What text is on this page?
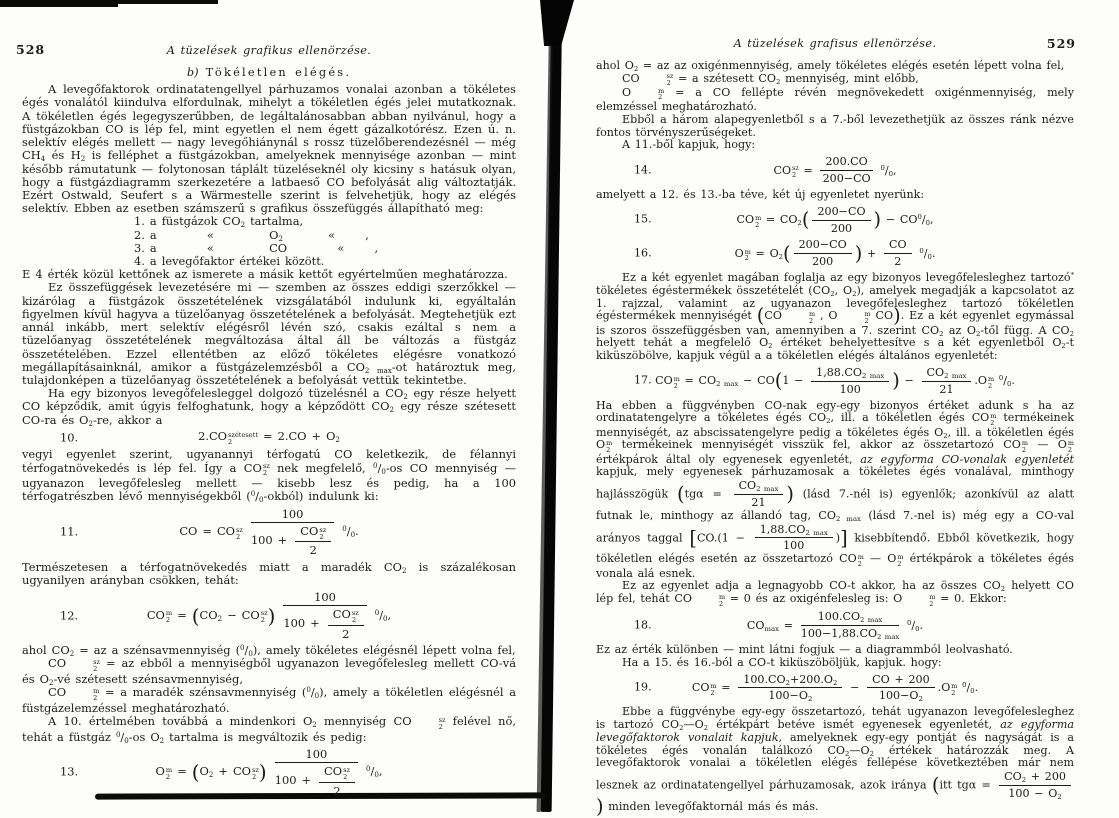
528	A tüzelések grafikus ellenörzése.
b) Tökéletlen elégés.

A levegőfaktorok ordinatatengellyel párhuzamos vonalai azonban a tökéletes égés vonalától kiindulva elfordulnak, mihelyt a tökéletlen égés jelei mutatkoznak. A tökéletlen égés legegyszerűbben, de legáltalánosabban abban nyilvánul, hogy a füstgázokban CO is lép fel, mint egyetlen el nem égett gázalkotórész. Ezen ú. n. selektív elégés mellett — nagy levegőhiánynál s rossz tüzelőberendezésnél — még $CH_4$ és $H_2$ is felléphet a füstgázokban, amelyeknek mennyisége azonban — mint később rámutatunk — folytonosan táplált tüzeléseknél oly kicsiny s hatásuk olyan, hogy a füstgázdiagramm szerkezetére a latbaeső CO befolyását alig változtatják. Ezért Ostwald, Seufert s a Wärmestelle szerint is felvehetjük, hogy az elégés selektív. Ebben az esetben számszerű s grafikus összefüggés állapítható meg:

1. a füstgázok $CO_2$ tartalma,
2. a          «           $O_2$         «      ,
3. a          «           CO          «      ,
4. a levegőfaktor értékei között.

E 4 érték közül kettőnek az ismerete a másik kettőt egyértelműen meghatározza.

Ez összefüggések levezetésére mi — szemben az összes eddigi szerzőkkel — kizárólag a füstgázok összetételének vizsgálatából indulunk ki, egyáltalán figyelmen kívül hagyva a tüzelőanyag összetételének a befolyását. Megtehetjük ezt annál inkább, mert selektív elégésről lévén szó, csakis ezáltal s nem a tüzelőanyag összetételének megváltozása által áll be változás a füstgáz összetételében. Ezzel ellentétben az előző tökéletes elégésre vonatkozó megállapításainknál, amikor a füstgázelemzésből a $CO_{2 max}-ot$ határoztuk meg, tulajdonképen a tüzelőanyag összetételének a befolyását vettük tekintetbe.

Ha egy bizonyos levegőfelesleggel dolgozó tüzelésnél a $CO_2$ egy része helyett CO képződik, amit úgyis felfoghatunk, hogy a képződött $CO_2$ egy része szétesett CO-ra és $O_2-re$, akkor a

10.	2.CO szétesett
2	= $2.CO + O_2$

vegyi egyenlet szerint, ugyanannyi térfogatú CO keletkezik, de félannyi térfogatnövekedés is lép fel. Így a CO sz
2 nek megfelelő, $^0/_0-os$ CO mennyiség — ugyanazon levegőfelesleg mellett — kisebb lesz és pedig, ha a 100 térfogatrészben lévő mennyiségekből $(^0/_0-okból)$ indulunk ki:

11.	CO = CO sz
2
100
100 + CO sz
2
2 $^0/_0$.

Természetesen a térfogatnövekedés miatt a maradék $CO_2$ is százalékosan ugyanilyen arányban csökken, tehát:

12.	CO m
$2 = (CO_2$ − CO sz
2 ) 100
100 + CO sz
2
2 $^0/_0$,

ahol $CO_2$ = az a szénsavmennyiség $(^0/_0)$, amely tökéletes elégésnél lépett volna fel,

CO	sz
2 = az ebből a mennyiségből ugyanazon levegőfelesleg mellett CO-vá és $O_2-vé$ szétesett szénsavmennyiség,

CO	m
2 = a maradék szénsavmennyiség $(^0/_0)$, amely a tökéletlen elégésnél a füstgázelemzéssel meghatározható.

A 10. értelmében továbbá a mindenkori $O_2$ mennyiség CO	sz
2 felével nő, tehát a füstgáz $^0/_0-os$ $O_2$ tartalma is megváltozik és pedig:

13.	O m
$2 = (O_2$ + CO sz
2 ) 100
100 + CO sz
2
2 $^0/_0$,
A tüzelések grafisus ellenörzése.	529

ahol $O_2$ = az az oxigénmennyiség, amely tökéletes elégés esetén lépett volna fel,

CO	sz
2 = a szétesett $CO_2$ mennyiség, mint előbb,

O	m
2 = a CO fellépte révén megnövekedett oxigénmennyiség, mely elemzéssel meghatározható.

Ebből a három alapegyenletből s a 7.-ből levezethetjük az összes ránk nézve fontos törvényszerűségeket.

A 11.-ből kapjuk, hogy:

14.	CO sz
$2 = \frac{200.CO}{200-CO} ^0/_0$,

amelyett a 12. és 13.-ba téve, két új egyenletet nyerünk:

15.	CO m
$2 = CO_2( \frac{200-CO}{200}$ ) − $CO^0/_0$,
16.	O m
$2 = O_2( \frac{200-CO}{200}$ ) + $\frac{CO}{2} ^0/_0$.

Ez a két egyenlet magában foglalja az egy bizonyos levegőfelesleghez tartozó* tökéletes égéstermékek összetételét ($CO_2$, $O_2$), amelyek megadják a kapcsolatot az 1. rajzzal, valamint az ugyanazon levegőfelesleghez tartozó tökéletlen égéstermékek mennyiségét (CO	m
2 , O	m
2 CO). Ez a két egyenlet egymással is szoros összefüggésben van, amennyiben a 7. szerint $CO_2$ az $O_2$-től függ. A $CO_2$ helyett tehát a megfelelő $O_2$ értéket behelyettesítve s a két egyenletből $O_2-t$ kiküszöbölve, kapjuk végül a a tökéletlen elégés általános egyenletét:

17. CO m
$2 = CO_{2 max} - CO(1 - \frac{1,88.CO_{2 max}}{100}$ ) − $\frac{CO_{2 max}}{21} .O$ m
2
$^0/_0$.

Ha ebben a függvényben CO-nak egy-egy bizonyos értéket adunk s ha az ordinatatengelyre a tökéletes égés $CO_2$, ill. a tökéletlen égés CO m
2 termékeinek mennyiségét, az abscissatengelyre pedig a tökéletes égés $O_2$, ill. a tökéletlen égés O m
2 termékeinek mennyiségét visszük fel, akkor az összetartozó CO m
2 — O m
2
értékpárok által oly egyenesek egyenletét, az egyforma CO-vonalak egyenletét kapjuk, mely egyenesek párhuzamosak a tökéletes égés vonalával, minthogy hajlásszögük ($tg\alpha = \frac{CO_{2 max}}{21}$ ) (lásd 7.-nél is) egyenlők; azonkívül az alatt futnak le, minthogy az állandó tag, $CO_{2 max}$ (lásd 7.-nel is) még egy a CO-val arányos taggal [$CO.(1 - \frac{1,88.CO_{2 max}}{100}$ )] kisebbítendő. Ebből következik, hogy tökéletlen elégés esetén az összetartozó CO m
2 — O m
2 értékpárok a tökéletes égés vonala alá esnek.

Ez az egyenlet adja a legnagyobb CO-t akkor, ha az összes $CO_2$ helyett CO lép fel, tehát CO	m
2 = 0 és az oxigénfelesleg is: O	m
2 = 0. Ekkor:

18.	$CO_{max} = \frac{100.CO_{2 max}}{100-1,88.CO_{2 max}} ^0/_0$.

Ez az érték különben — mint látni fogjuk — a diagrammból leolvasható.

Ha a 15. és 16.-ból a CO-t kiküszöböljük, kapjuk. hogy:

19.	CO m
$2 = \frac{100.CO_2+200.O_2}{100-O_2} - \frac{CO + 200}{100-O_2} .O$ m
2
$^0/_0$.

Ebbe a függvénybe egy-egy összetartozó, tehát ugyanazon levegőfelesleghez is tartozó $CO_2—O_2$ értékpárt betéve ismét egyenesek egyenletét, az egyforma levegőfaktorok vonalait kapjuk, amelyeknek egy-egy pontját és nagyságát is a tökéletes égés vonalán találkozó $CO_2—O_2$ értékek határozzák meg. A levegőfaktorok vonalai a tökéletlen elégés fellépése következtében már nem lesznek az ordinatatengellyel párhuzamosak, azok iránya (itt $tg\alpha = \frac{CO_2 + 200}{100 - O_2}$
) minden levegőfaktornál más és más.
